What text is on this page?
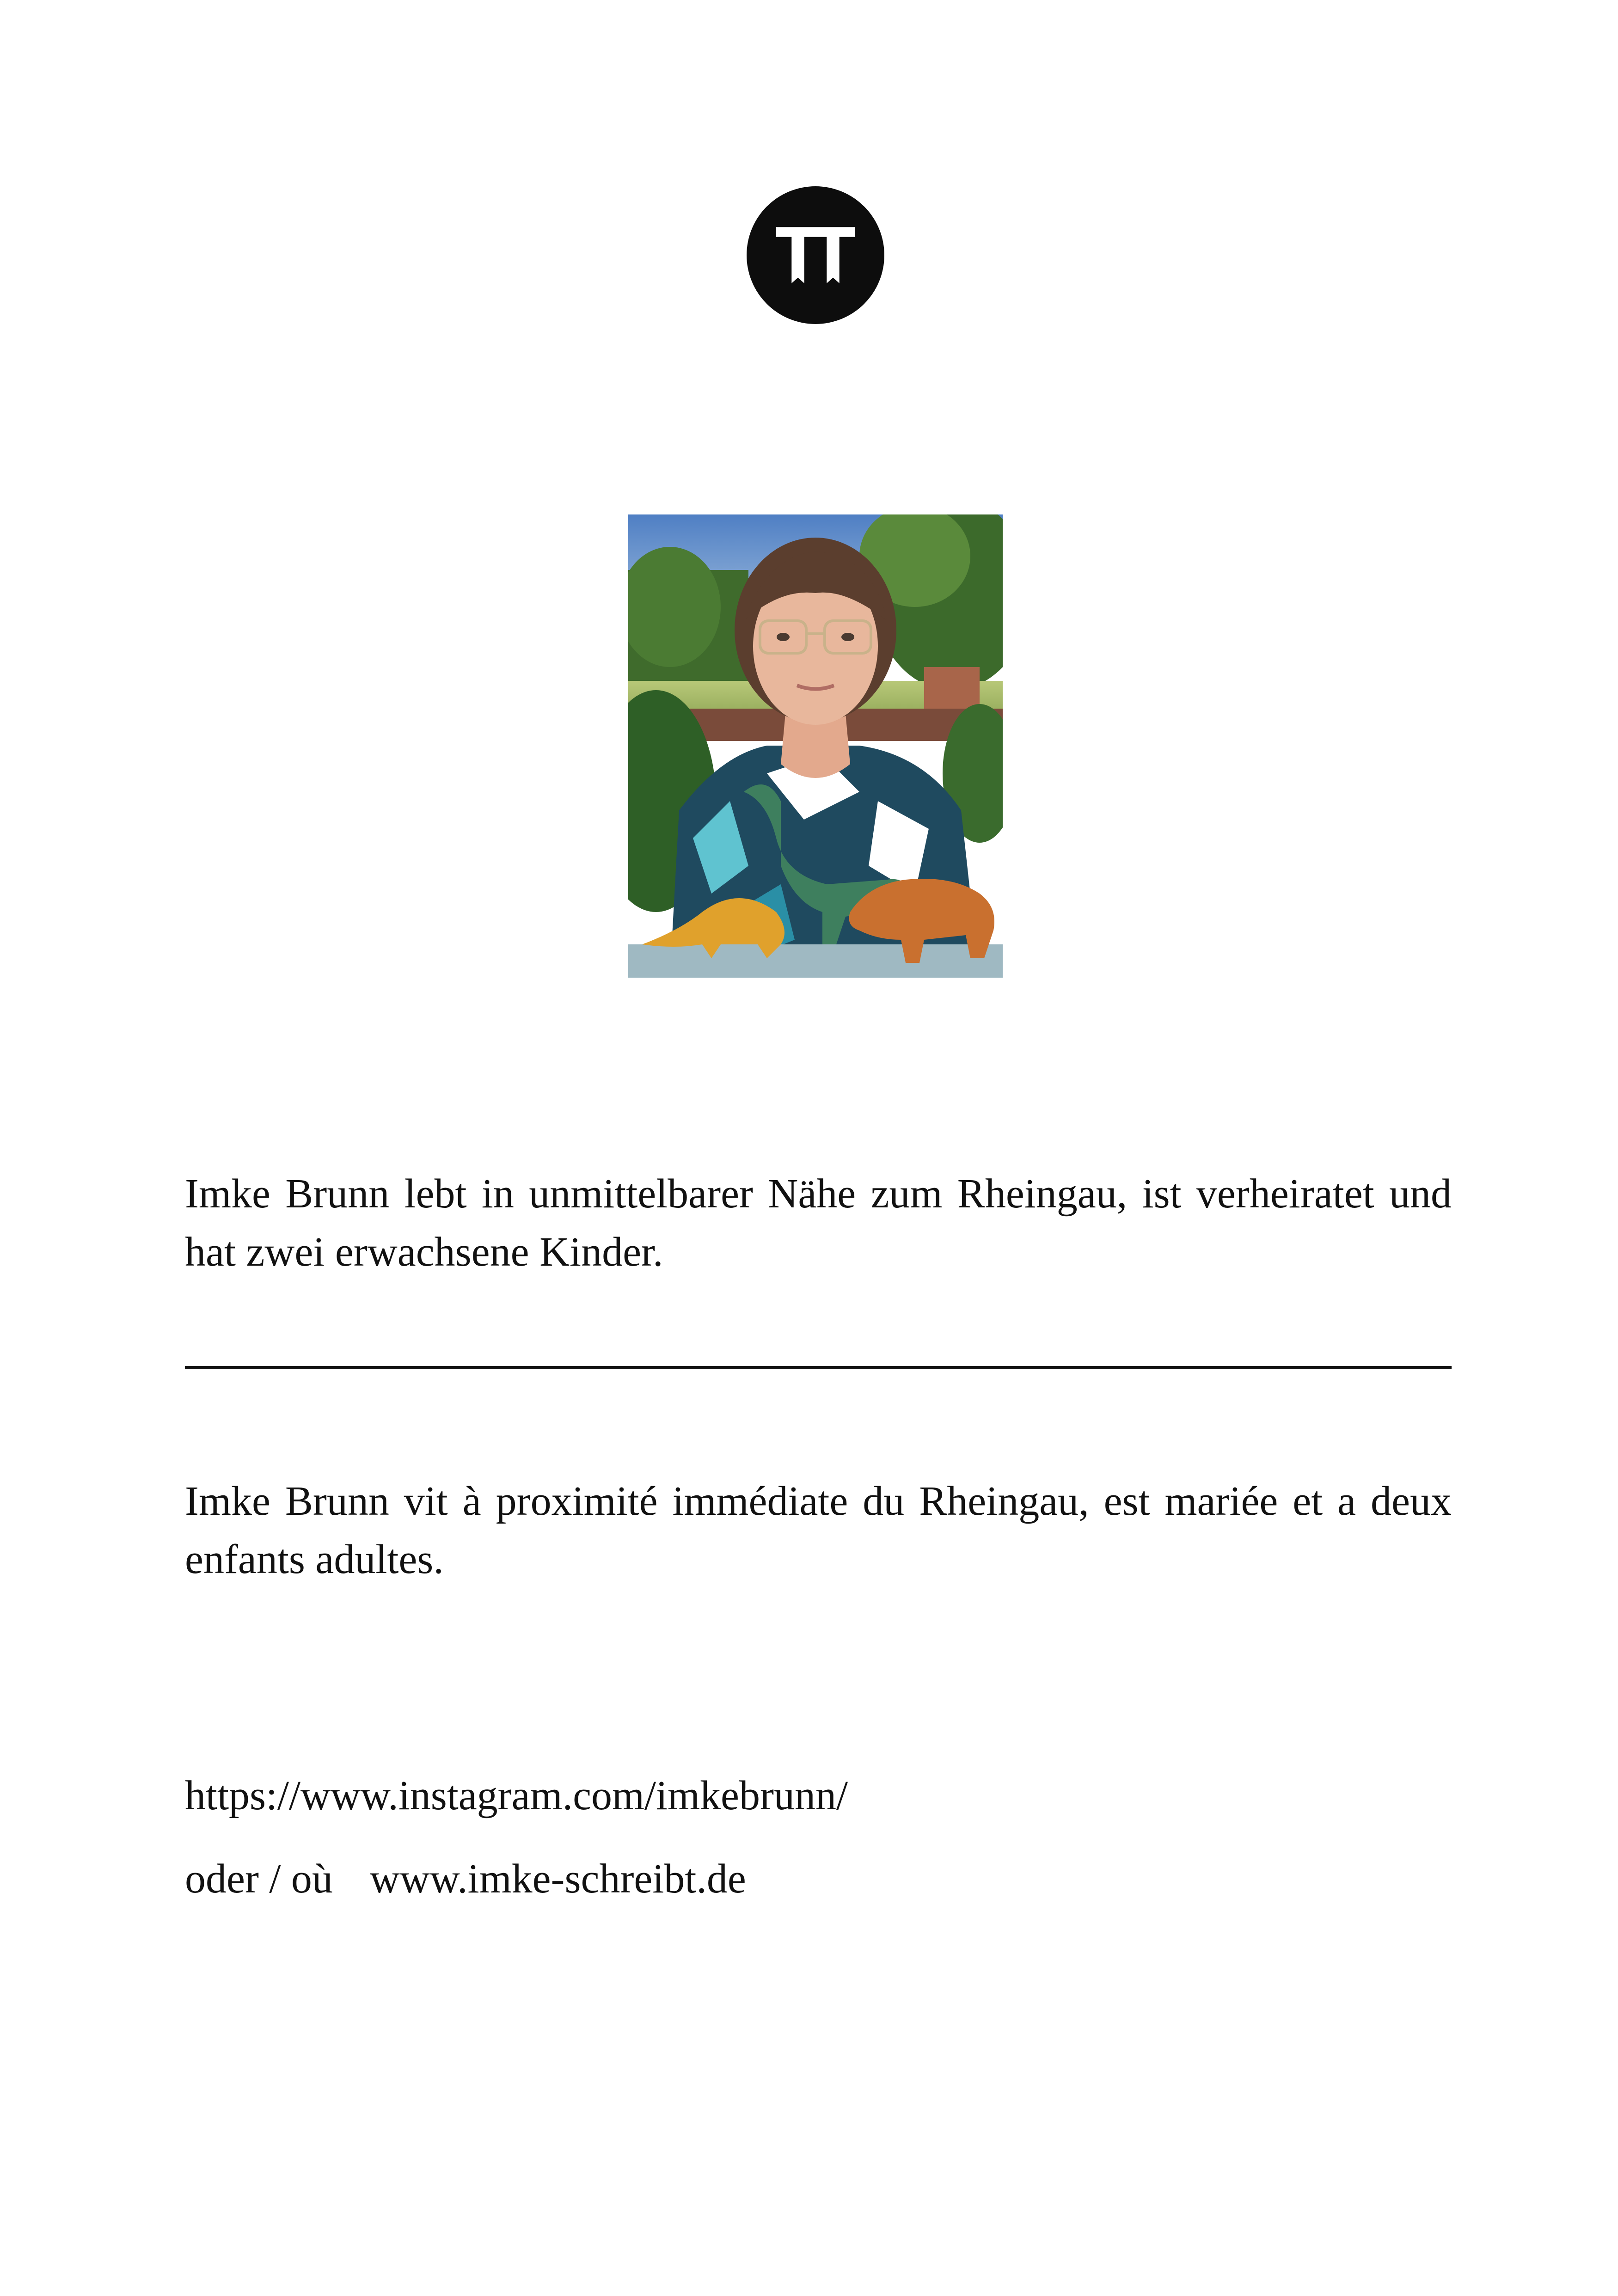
Imke Brunn lebt in unmittelbarer Nähe zum Rheingau, ist verheiratet und hat zwei erwachsene Kinder.

Imke Brunn vit à proximité immédiate du Rheingau, est mariée et a deux enfants adultes.

https://www.instagram.com/imkebrunn/
oder / où www.imke-schreibt.de
